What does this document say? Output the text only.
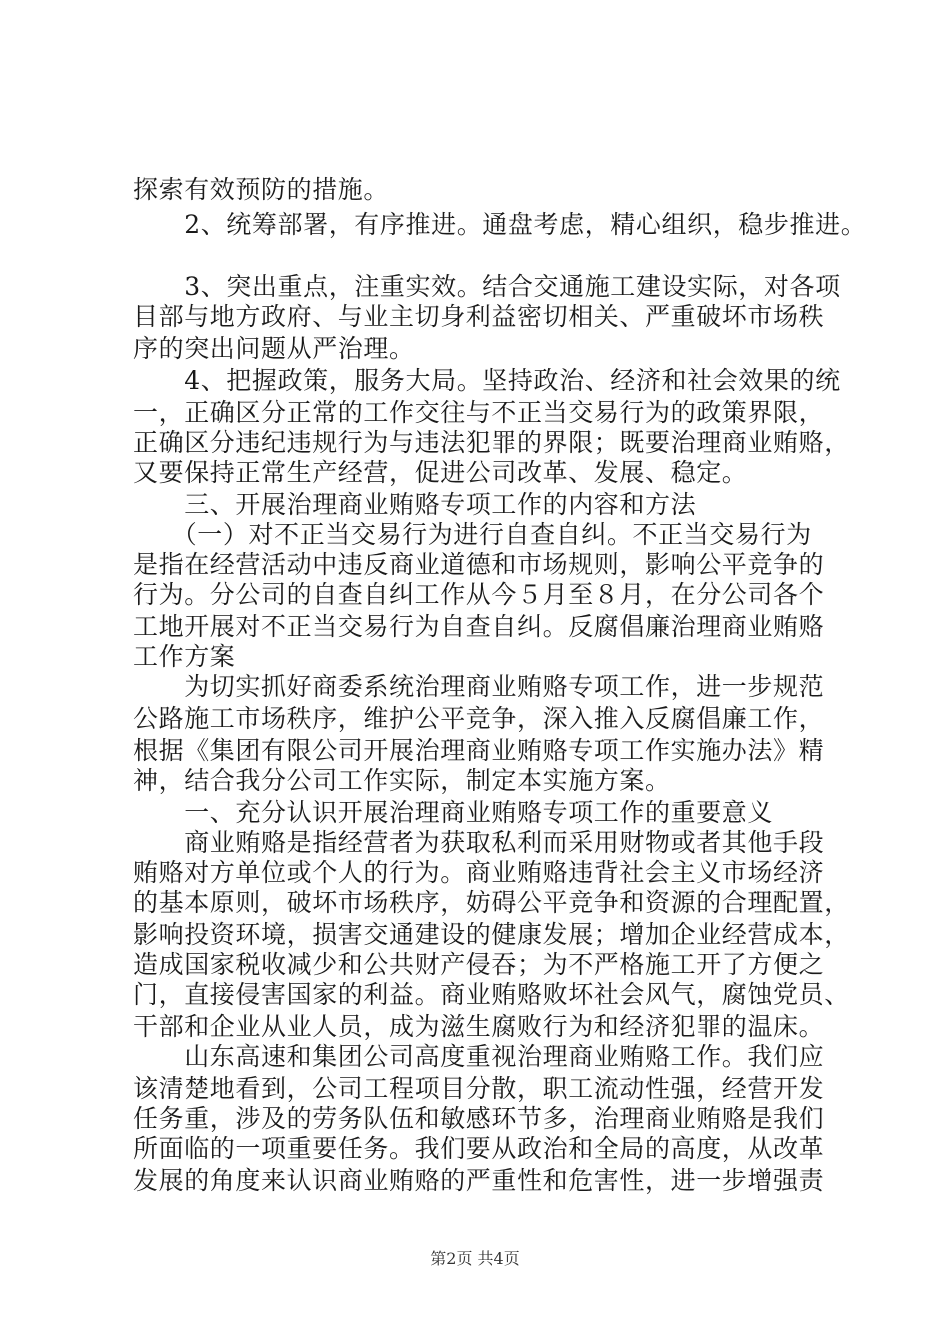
探索有效预防的措施。
　　2、统筹部署，有序推进。通盘考虑，精心组织，稳步推进。
　　3、突出重点，注重实效。结合交通施工建设实际，对各项
目部与地方政府、与业主切身利益密切相关、严重破坏市场秩
序的突出问题从严治理。
　　4、把握政策，服务大局。坚持政治、经济和社会效果的统
一，正确区分正常的工作交往与不正当交易行为的政策界限，
正确区分违纪违规行为与违法犯罪的界限；既要治理商业贿赂，
又要保持正常生产经营，促进公司改革、发展、稳定。
　　三、开展治理商业贿赂专项工作的内容和方法
　　（一）对不正当交易行为进行自查自纠。不正当交易行为
是指在经营活动中违反商业道德和市场规则，影响公平竞争的
行为。分公司的自查自纠工作从今５月至８月，在分公司各个
工地开展对不正当交易行为自查自纠。反腐倡廉治理商业贿赂
工作方案
　　为切实抓好商委系统治理商业贿赂专项工作，进一步规范
公路施工市场秩序，维护公平竞争，深入推入反腐倡廉工作，
根据《集团有限公司开展治理商业贿赂专项工作实施办法》精
神，结合我分公司工作实际，制定本实施方案。
　　一、充分认识开展治理商业贿赂专项工作的重要意义
　　商业贿赂是指经营者为获取私利而采用财物或者其他手段
贿赂对方单位或个人的行为。商业贿赂违背社会主义市场经济
的基本原则，破坏市场秩序，妨碍公平竞争和资源的合理配置，
影响投资环境，损害交通建设的健康发展；增加企业经营成本，
造成国家税收减少和公共财产侵吞；为不严格施工开了方便之
门，直接侵害国家的利益。商业贿赂败坏社会风气，腐蚀党员、
干部和企业从业人员，成为滋生腐败行为和经济犯罪的温床。
　　山东高速和集团公司高度重视治理商业贿赂工作。我们应
该清楚地看到，公司工程项目分散，职工流动性强，经营开发
任务重，涉及的劳务队伍和敏感环节多，治理商业贿赂是我们
所面临的一项重要任务。我们要从政治和全局的高度，从改革
发展的角度来认识商业贿赂的严重性和危害性，进一步增强责
第2页 共4页
